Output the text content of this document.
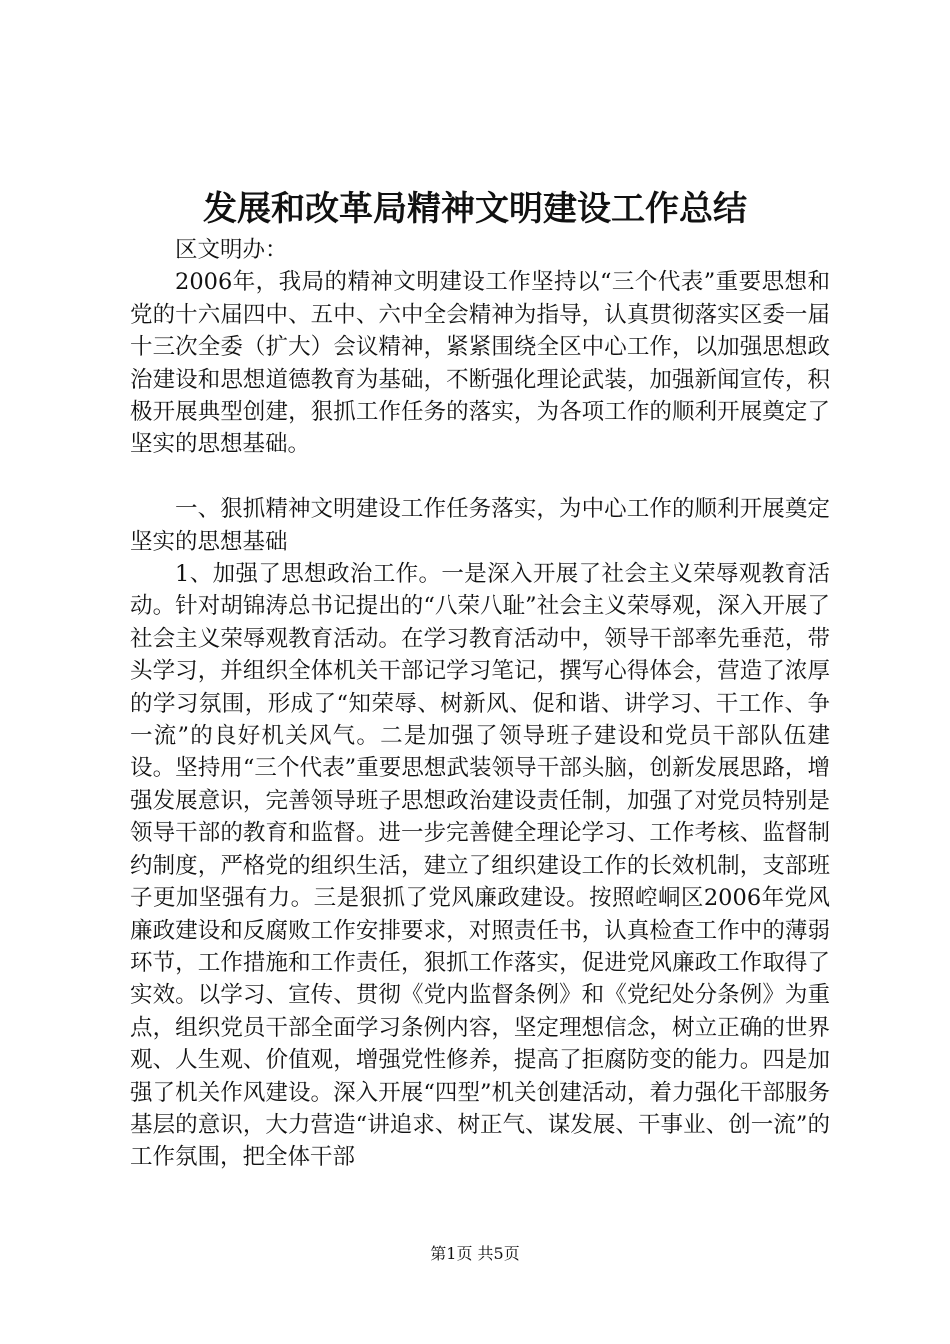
发展和改革局精神文明建设工作总结

区文明办：

2006年，我局的精神文明建设工作坚持以“三个代表”重要思想和党的十六届四中、五中、六中全会精神为指导，认真贯彻落实区委一届十三次全委（扩大）会议精神，紧紧围绕全区中心工作，以加强思想政治建设和思想道德教育为基础，不断强化理论武装，加强新闻宣传，积极开展典型创建，狠抓工作任务的落实，为各项工作的顺利开展奠定了坚实的思想基础。

一、狠抓精神文明建设工作任务落实，为中心工作的顺利开展奠定坚实的思想基础

1、加强了思想政治工作。一是深入开展了社会主义荣辱观教育活动。针对胡锦涛总书记提出的“八荣八耻”社会主义荣辱观，深入开展了社会主义荣辱观教育活动。在学习教育活动中，领导干部率先垂范，带头学习，并组织全体机关干部记学习笔记，撰写心得体会，营造了浓厚的学习氛围，形成了“知荣辱、树新风、促和谐、讲学习、干工作、争一流”的良好机关风气。二是加强了领导班子建设和党员干部队伍建设。坚持用“三个代表”重要思想武装领导干部头脑，创新发展思路，增强发展意识，完善领导班子思想政治建设责任制，加强了对党员特别是领导干部的教育和监督。进一步完善健全理论学习、工作考核、监督制约制度，严格党的组织生活，建立了组织建设工作的长效机制，支部班子更加坚强有力。三是狠抓了党风廉政建设。按照崆峒区2006年党风廉政建设和反腐败工作安排要求，对照责任书，认真检查工作中的薄弱环节，工作措施和工作责任，狠抓工作落实，促进党风廉政工作取得了实效。以学习、宣传、贯彻《党内监督条例》和《党纪处分条例》为重点，组织党员干部全面学习条例内容，坚定理想信念，树立正确的世界观、人生观、价值观，增强党性修养，提高了拒腐防变的能力。四是加强了机关作风建设。深入开展“四型”机关创建活动，着力强化干部服务基层的意识，大力营造“讲追求、树正气、谋发展、干事业、创一流”的工作氛围，把全体干部

第1页 共5页
